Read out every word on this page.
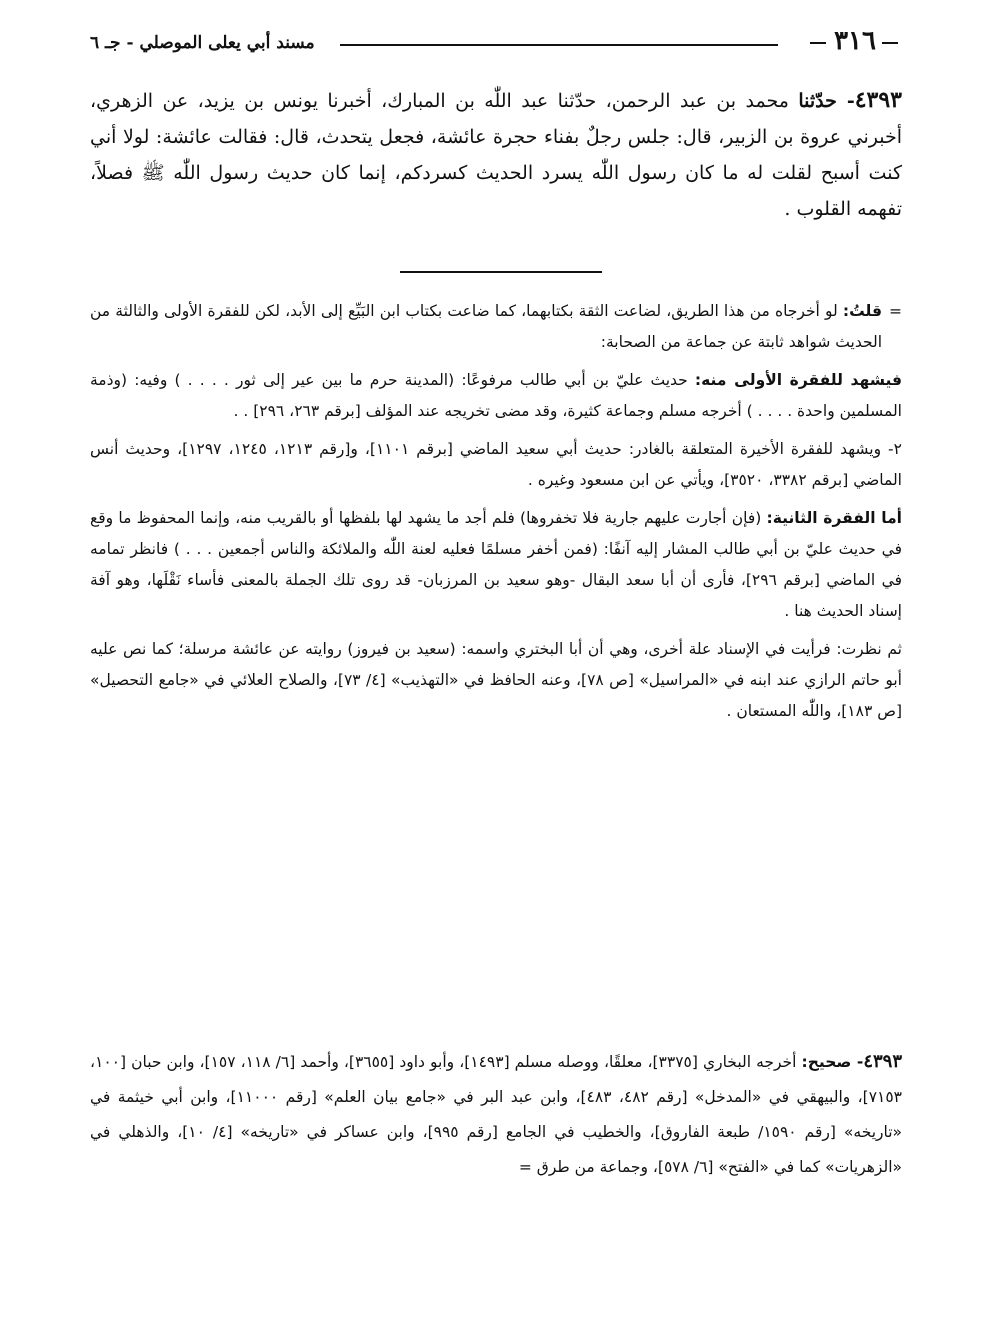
٣١٦
مسند أبي يعلى الموصلي - جـ ٦
٤٣٩٣- حدّثنا محمد بن عبد الرحمن، حدّثنا عبد اللّٰه بن المبارك، أخبرنا يونس بن يزيد، عن الزهري، أخبرني عروة بن الزبير، قال: جلس رجلٌ بفناء حجرة عائشة، فجعل يتحدث، قال: فقالت عائشة: لولا أني كنت أسبح لقلت له ما كان رسول اللّٰه يسرد الحديث كسردكم، إنما كان حديث رسول اللّٰه ﷺ فصلاً، تفهمه القلوب .

=
قلتُ: لو أخرجاه من هذا الطريق، لضاعت الثقة بكتابهما، كما ضاعت بكتاب ابن البَيِّع إلى الأبد، لكن للفقرة الأولى والثالثة من الحديث شواهد ثابتة عن جماعة من الصحابة:

فيشهد للفقرة الأولى منه: حديث عليّ بن أبي طالب مرفوعًا: (المدينة حرم ما بين عير إلى ثور . . . . ) وفيه: (وذمة المسلمين واحدة . . . . ) أخرجه مسلم وجماعة كثيرة، وقد مضى تخريجه عند المؤلف [برقم ٢٦٣، ٢٩٦] . .

٢- ويشهد للفقرة الأخيرة المتعلقة بالغادر: حديث أبي سعيد الماضي [برقم ١١٠١]، و[رقم ١٢١٣، ١٢٤٥، ١٢٩٧]، وحديث أنس الماضي [برقم ٣٣٨٢، ٣٥٢٠]، ويأتي عن ابن مسعود وغيره .

أما الفقرة الثانية: (فإن أجارت عليهم جارية فلا تخفروها) فلم أجد ما يشهد لها بلفظها أو بالقريب منه، وإنما المحفوظ ما وقع في حديث عليّ بن أبي طالب المشار إليه آنفًا: (فمن أخفر مسلمًا فعليه لعنة اللّٰه والملائكة والناس أجمعين . . . ) فانظر تمامه في الماضي [برقم ٢٩٦]، فأرى أن أبا سعد البقال -وهو سعيد بن المرزبان- قد روى تلك الجملة بالمعنى فأساء نَقْلَها، وهو آفة إسناد الحديث هنا .

ثم نظرت: فرأيت في الإسناد علة أخرى، وهي أن أبا البختري واسمه: (سعيد بن فيروز) روايته عن عائشة مرسلة؛ كما نص عليه أبو حاتم الرازي عند ابنه في «المراسيل» [ص ٧٨]، وعنه الحافظ في «التهذيب» [٤/ ٧٣]، والصلاح العلائي في «جامع التحصيل» [ص ١٨٣]، واللّٰه المستعان .

٤٣٩٣- صحيح: أخرجه البخاري [٣٣٧٥]، معلقًا، ووصله مسلم [١٤٩٣]، وأبو داود [٣٦٥٥]، وأحمد [٦/ ١١٨، ١٥٧]، وابن حبان [١٠٠، ٧١٥٣]، والبيهقي في «المدخل» [رقم ٤٨٢، ٤٨٣]، وابن عبد البر في «جامع بيان العلم» [رقم ١١٠٠٠]، وابن أبي خيثمة في «تاريخه» [رقم ١٥٩٠/ طبعة الفاروق]، والخطيب في الجامع [رقم ٩٩٥]، وابن عساكر في «تاريخه» [٤/ ١٠]، والذهلي في «الزهريات» كما في «الفتح» [٦/ ٥٧٨]، وجماعة من طرق =
